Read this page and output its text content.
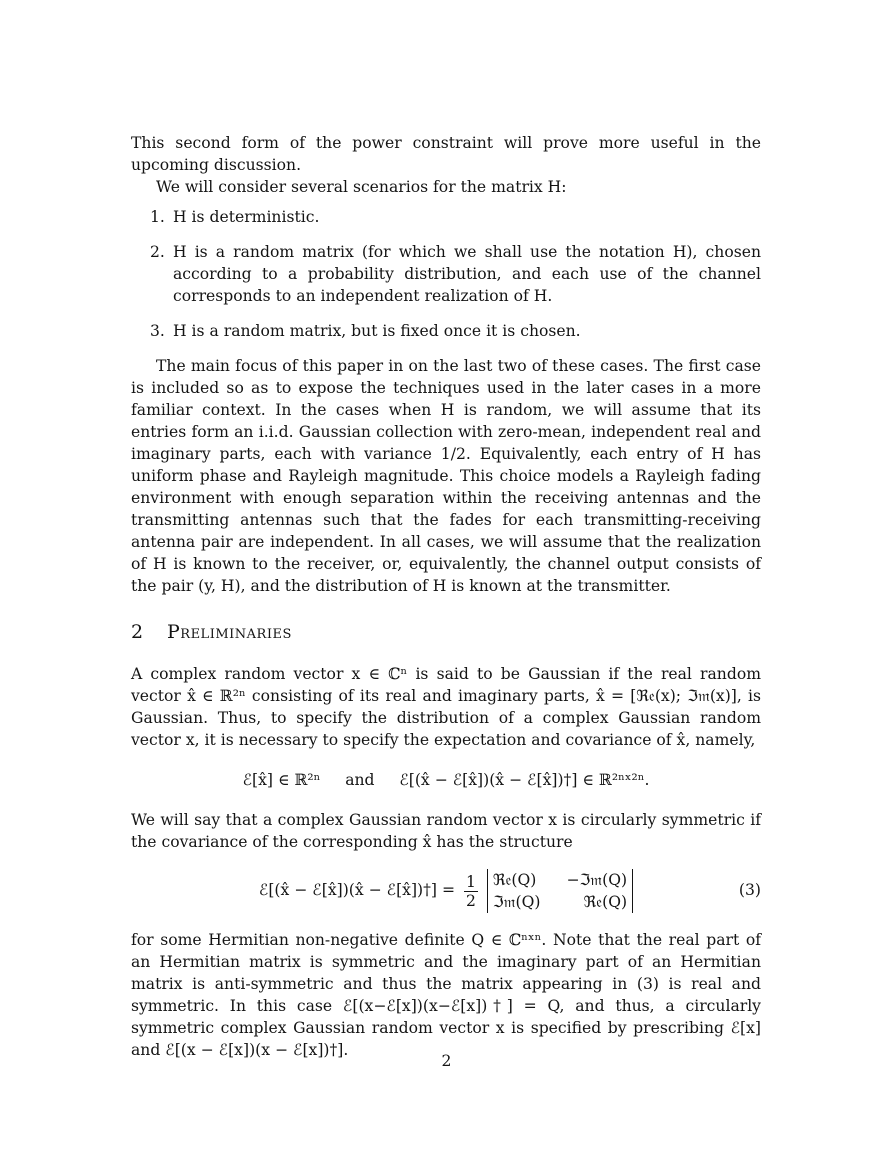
This second form of the power constraint will prove more useful in the upcoming discussion.

We will consider several scenarios for the matrix H:

1. H is deterministic.
2. H is a random matrix (for which we shall use the notation H), chosen according to a probability distribution, and each use of the channel corresponds to an independent realization of H.
3. H is a random matrix, but is fixed once it is chosen.

The main focus of this paper in on the last two of these cases. The first case is included so as to expose the techniques used in the later cases in a more familiar context. In the cases when H is random, we will assume that its entries form an i.i.d. Gaussian collection with zero-mean, independent real and imaginary parts, each with variance 1/2. Equivalently, each entry of H has uniform phase and Rayleigh magnitude. This choice models a Rayleigh fading environment with enough separation within the receiving antennas and the transmitting antennas such that the fades for each transmitting-receiving antenna pair are independent. In all cases, we will assume that the realization of H is known to the receiver, or, equivalently, the channel output consists of the pair (y, H), and the distribution of H is known at the transmitter.

2 Preliminaries

A complex random vector x ∈ ℂⁿ is said to be Gaussian if the real random vector x̂ ∈ ℝ²ⁿ consisting of its real and imaginary parts, x̂ = [ℜ𝔢(x); ℑ𝔪(x)], is Gaussian. Thus, to specify the distribution of a complex Gaussian random vector x, it is necessary to specify the expectation and covariance of x̂, namely,

ℰ[x̂] ∈ ℝ²ⁿ and ℰ[(x̂ − ℰ[x̂])(x̂ − ℰ[x̂])†] ∈ ℝ²ⁿˣ²ⁿ.

We will say that a complex Gaussian random vector x is circularly symmetric if the covariance of the corresponding x̂ has the structure

ℰ[(x̂ − ℰ[x̂])(x̂ − ℰ[x̂])†] = $\frac{1}{2}$
ℜ𝔢(Q) −ℑ𝔪(Q)
ℑ𝔪(Q)	ℜ𝔢(Q)
(3)

for some Hermitian non-negative definite Q ∈ ℂⁿˣⁿ. Note that the real part of an Hermitian matrix is symmetric and the imaginary part of an Hermitian matrix is anti-symmetric and thus the matrix appearing in (3) is real and symmetric. In this case ℰ[(x−ℰ[x])(x−ℰ[x])†] = Q, and thus, a circularly symmetric complex Gaussian random vector x is specified by prescribing ℰ[x] and ℰ[(x − ℰ[x])(x − ℰ[x])†].

2
